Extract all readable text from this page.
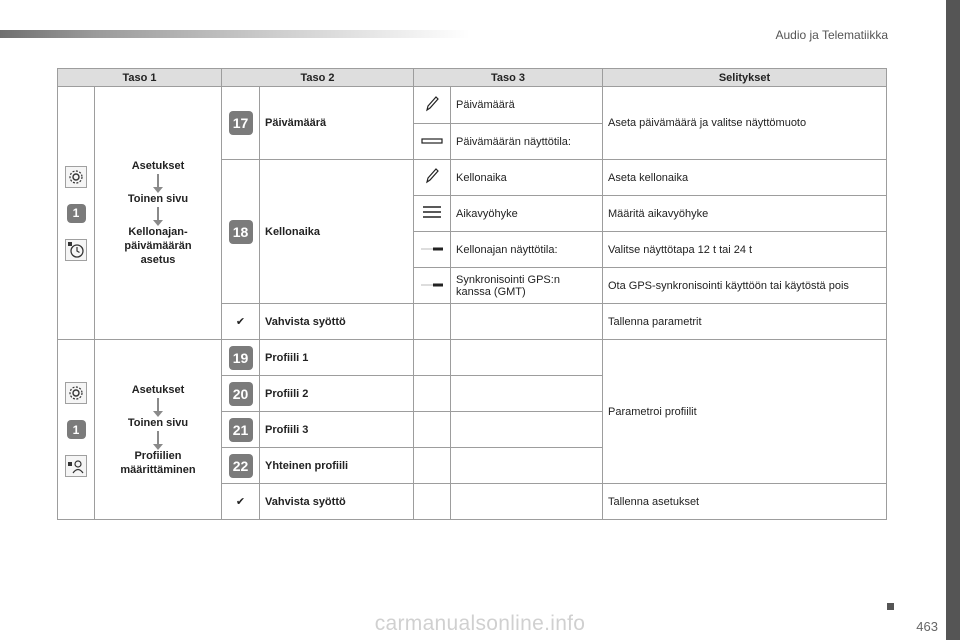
Audio ja Telematiikka
Taso 1		Taso 2		Taso 3		Selitykset

1	Asetukset
Toinen sivu
Kellonajan-
päivämäärän
asetus	17	Päivämäärä		Päivämäärä	Aseta päivämäärä ja valitse näyttömuoto
	Päivämäärän näyttötila:	
		18	Kellonaika		Kellonaika	Aseta kellonaika
	Aikavyöhyke	Määritä aikavyöhyke
	Kellonajan näyttötila:	Valitse näyttötapa 12 t tai 24 t
	Synkronisointi GPS:n kanssa (GMT)	Ota GPS-synkronisointi käyttöön tai käytöstä pois
		✔	Vahvista syöttö			Tallenna parametrit

1	Asetukset
Toinen sivu
Profiilien
määrittäminen	19	Profiili 1			Parametroi profiilit
		20	Profiili 2			
		21	Profiili 3			
		22	Yhteinen profiili			
		✔	Vahvista syöttö			Tallenna asetukset
463
carmanualsonline.info
